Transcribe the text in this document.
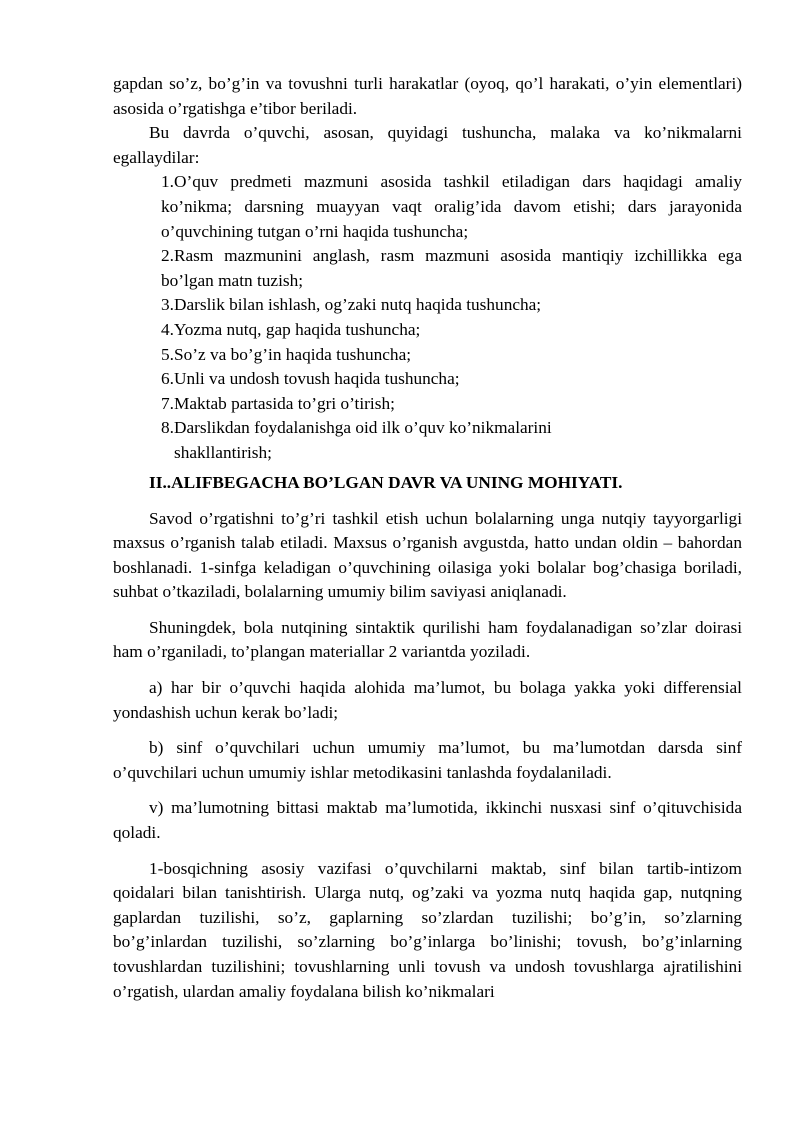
gapdan so’z, bo’g’in va tovushni turli harakatlar (oyoq, qo’l harakati, o’yin elementlari) asosida o’rgatishga e’tibor beriladi.

Bu davrda o’quvchi, asosan, quyidagi tushuncha, malaka va ko’nikmalarni egallaydilar:

1.O’quv predmeti mazmuni asosida tashkil etiladigan dars haqidagi amaliy ko’nikma; darsning muayyan vaqt oralig’ida davom etishi; dars jarayonida o’quvchining tutgan o’rni haqida tushuncha;
2.Rasm mazmunini anglash, rasm mazmuni asosida mantiqiy izchillikka ega bo’lgan matn tuzish;
3.Darslik bilan ishlash, og’zaki nutq haqida tushuncha;
4.Yozma nutq, gap haqida tushuncha;
5.So’z va bo’g’in haqida tushuncha;
6.Unli va undosh tovush haqida tushuncha;
7.Maktab partasida to’gri o’tirish;
8.Darslikdan foydalanishga oid ilk o’quv ko’nikmalarini
shakllantirish;

II..ALIFBEGACHA BO’LGAN DAVR VA UNING MOHIYATI.

Savod o’rgatishni to’g’ri tashkil etish uchun bolalarning unga nutqiy tayyorgarligi maxsus o’rganish talab etiladi. Maxsus o’rganish avgustda, hatto undan oldin – bahordan boshlanadi. 1-sinfga keladigan o’quvchining oilasiga yoki bolalar bog’chasiga boriladi, suhbat o’tkaziladi, bolalarning umumiy bilim saviyasi aniqlanadi.

Shuningdek, bola nutqining sintaktik qurilishi ham foydalanadigan so’zlar doirasi ham o’rganiladi, to’plangan materiallar 2 variantda yoziladi.

a) har bir o’quvchi haqida alohida ma’lumot, bu bolaga yakka yoki differensial yondashish uchun kerak bo’ladi;

b) sinf o’quvchilari uchun umumiy ma’lumot, bu ma’lumotdan darsda sinf o’quvchilari uchun umumiy ishlar metodikasini tanlashda foydalaniladi.

v) ma’lumotning bittasi maktab ma’lumotida, ikkinchi nusxasi sinf o’qituvchisida qoladi.

1-bosqichning asosiy vazifasi o’quvchilarni maktab, sinf bilan tartib-intizom qoidalari bilan tanishtirish. Ularga nutq, og’zaki va yozma nutq haqida gap, nutqning gaplardan tuzilishi, so’z, gaplarning so’zlardan tuzilishi; bo’g’in, so’zlarning bo’g’inlardan tuzilishi, so’zlarning bo’g’inlarga bo’linishi; tovush, bo’g’inlarning tovushlardan tuzilishini; tovushlarning unli tovush va undosh tovushlarga ajratilishini o’rgatish, ulardan amaliy foydalana bilish ko’nikmalari
